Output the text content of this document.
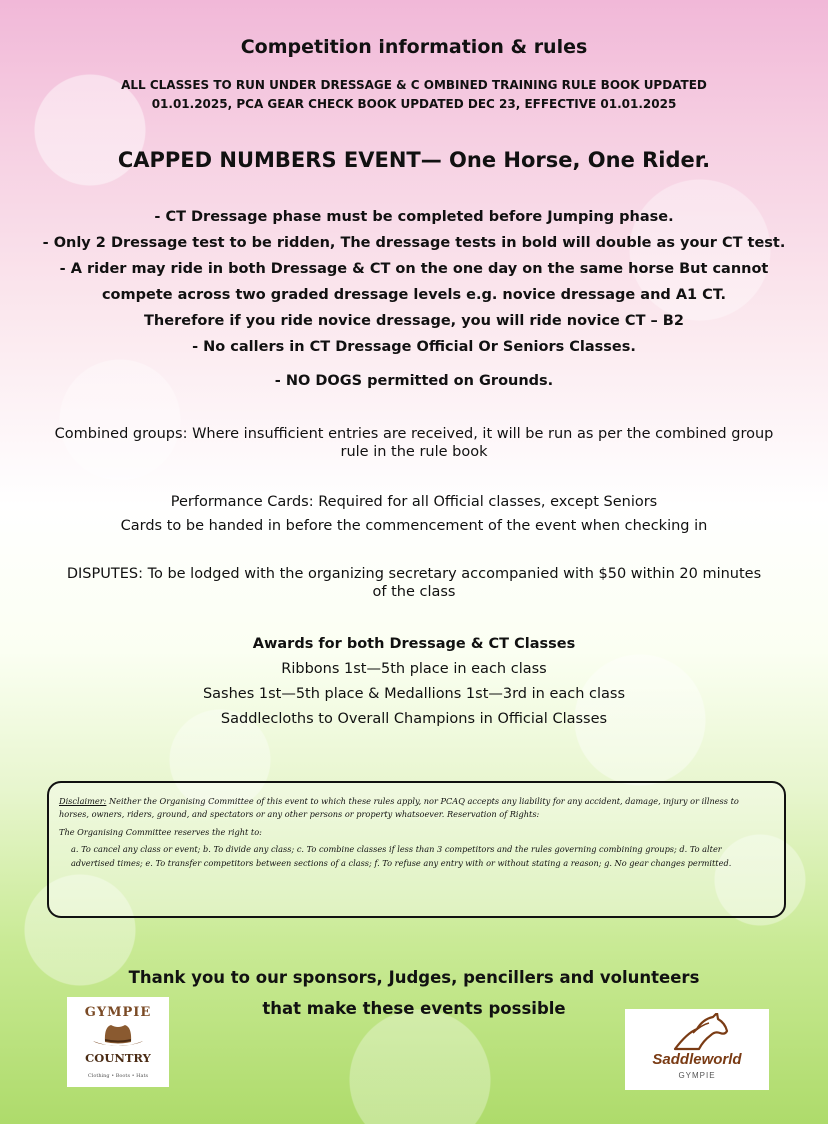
Competition information & rules
ALL CLASSES TO RUN UNDER DRESSAGE & C OMBINED TRAINING RULE BOOK UPDATED 01.01.2025, PCA GEAR CHECK BOOK UPDATED DEC 23, EFFECTIVE 01.01.2025
CAPPED NUMBERS EVENT— One Horse, One Rider.
- CT Dressage phase must be completed before Jumping phase.
- Only 2 Dressage test to be ridden, The dressage tests in bold will double as your CT test.
- A rider may ride in both Dressage & CT on the one day on the same horse But cannot
compete across two graded dressage levels e.g. novice dressage and A1 CT.
Therefore if you ride novice dressage, you will ride novice CT – B2
- No callers in CT Dressage Official Or Seniors Classes.
- NO DOGS permitted on Grounds.
Combined groups: Where insufficient entries are received, it will be run as per the combined group rule in the rule book
Performance Cards: Required for all Official classes, except Seniors
Cards to be handed in before the commencement of the event when checking in
DISPUTES: To be lodged with the organizing secretary accompanied with $50 within 20 minutes of the class
Awards for both Dressage & CT Classes
Ribbons 1st—5th place in each class
Sashes 1st—5th place & Medallions 1st—3rd in each class
Saddlecloths to Overall Champions in Official Classes

Disclaimer: Neither the Organising Committee of this event to which these rules apply, nor PCAQ accepts any liability for any accident, damage, injury or illness to horses, owners, riders, ground, and spectators or any other persons or property whatsoever. Reservation of Rights:

The Organising Committee reserves the right to:

a. To cancel any class or event; b. To divide any class; c. To combine classes if less than 3 competitors and the rules governing combining groups; d. To alter advertised times; e. To transfer competitors between sections of a class; f. To refuse any entry with or without stating a reason; g. No gear changes permitted.

Thank you to our sponsors, Judges, pencillers and volunteers
that make these events possible
GYMPIE
COUNTRY
Clothing • Boots • Hats
Saddleworld
GYMPIE
